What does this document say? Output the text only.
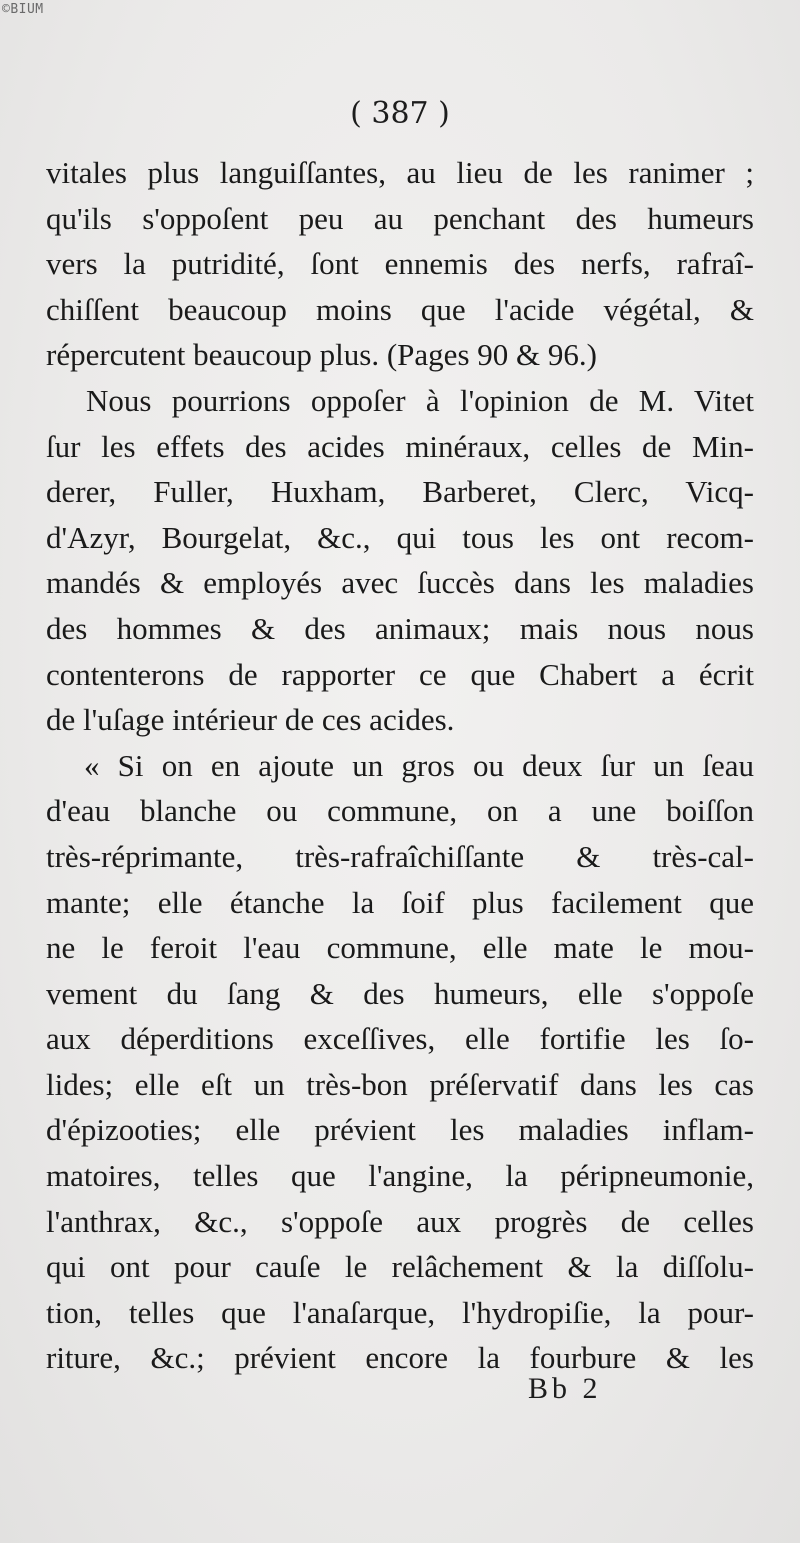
©BIUM
( 387 )
vitales plus languiſſantes, au lieu de les ranimer ;
qu'ils s'oppoſent peu au penchant des humeurs
vers la putridité, ſont ennemis des nerfs, rafraî-
chiſſent beaucoup moins que l'acide végétal, &
répercutent beaucoup plus. (Pages 90 & 96.)
Nous pourrions oppoſer à l'opinion de M. Vitet
ſur les effets des acides minéraux, celles de Min-
derer, Fuller, Huxham, Barberet, Clerc, Vicq-
d'Azyr, Bourgelat, &c., qui tous les ont recom-
mandés & employés avec ſuccès dans les maladies
des hommes & des animaux; mais nous nous
contenterons de rapporter ce que Chabert a écrit
de l'uſage intérieur de ces acides.
« Si on en ajoute un gros ou deux ſur un ſeau
d'eau blanche ou commune, on a une boiſſon
très-réprimante, très-rafraîchiſſante & très-cal-
mante; elle étanche la ſoif plus facilement que
ne le feroit l'eau commune, elle mate le mou-
vement du ſang & des humeurs, elle s'oppoſe
aux déperditions exceſſives, elle fortifie les ſo-
lides; elle eſt un très-bon préſervatif dans les cas
d'épizooties; elle prévient les maladies inflam-
matoires, telles que l'angine, la péripneumonie,
l'anthrax, &c., s'oppoſe aux progrès de celles
qui ont pour cauſe le relâchement & la diſſolu-
tion, telles que l'anaſarque, l'hydropiſie, la pour-
riture, &c.; prévient encore la fourbure & les
Bb 2
